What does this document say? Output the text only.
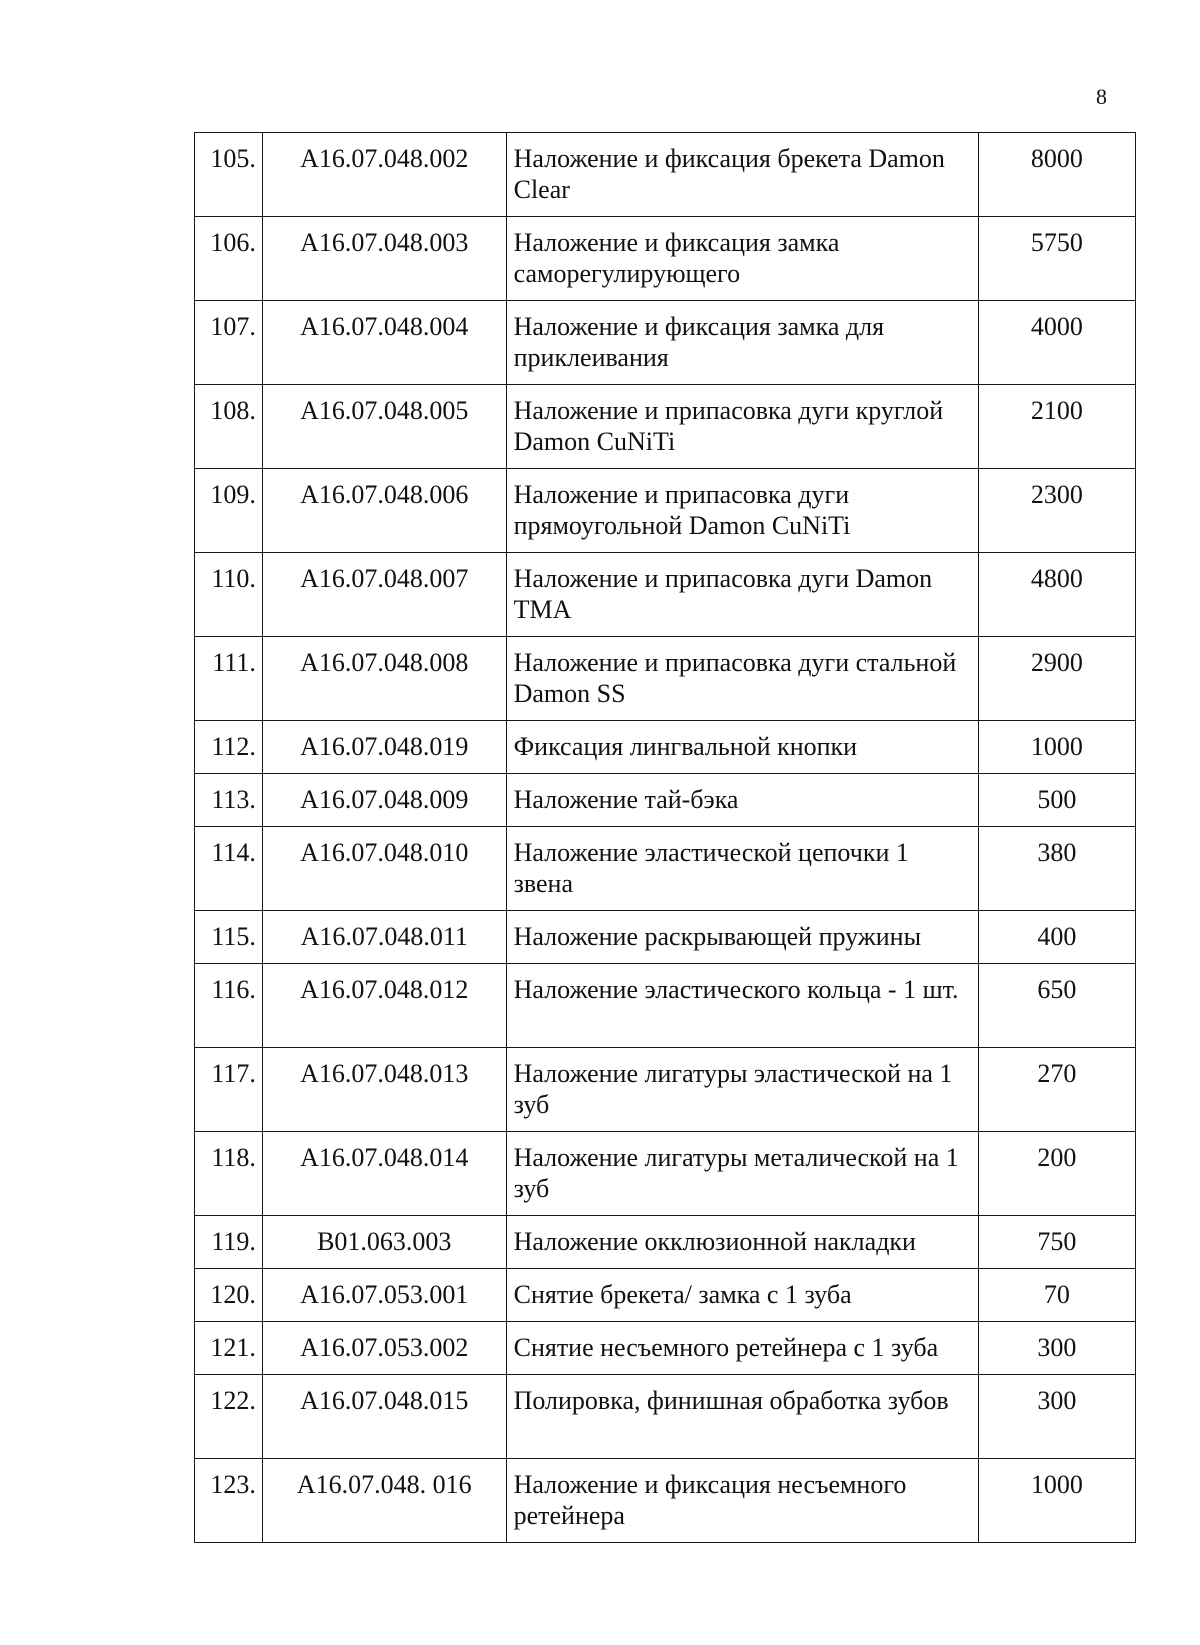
8
105.	A16.07.048.002	Наложение и фиксация брекета Damon Clear	8000
106.	A16.07.048.003	Наложение и фиксация замка саморегулирующего	5750
107.	A16.07.048.004	Наложение и фиксация замка для приклеивания	4000
108.	A16.07.048.005	Наложение и припасовка дуги круглой Damon CuNiTi	2100
109.	A16.07.048.006	Наложение и припасовка дуги прямоугольной Damon CuNiTi	2300
110.	A16.07.048.007	Наложение и припасовка дуги Damon TMA	4800
111.	A16.07.048.008	Наложение и припасовка дуги стальной Damon SS	2900
112.	A16.07.048.019	Фиксация лингвальной кнопки	1000
113.	A16.07.048.009	Наложение тай-бэка	500
114.	A16.07.048.010	Наложение эластической цепочки 1 звена	380
115.	A16.07.048.011	Наложение раскрывающей пружины	400
116.	A16.07.048.012	Наложение эластического кольца - 1 шт.	650
117.	A16.07.048.013	Наложение лигатуры эластической на 1 зуб	270
118.	A16.07.048.014	Наложение лигатуры металической на 1 зуб	200
119.	B01.063.003	Наложение окклюзионной накладки	750
120.	A16.07.053.001	Снятие брекета/ замка с 1 зуба	70
121.	A16.07.053.002	Снятие несъемного ретейнера с 1 зуба	300
122.	A16.07.048.015	Полировка, финишная обработка зубов	300
123.	A16.07.048. 016	Наложение и фиксация несъемного ретейнера	1000
